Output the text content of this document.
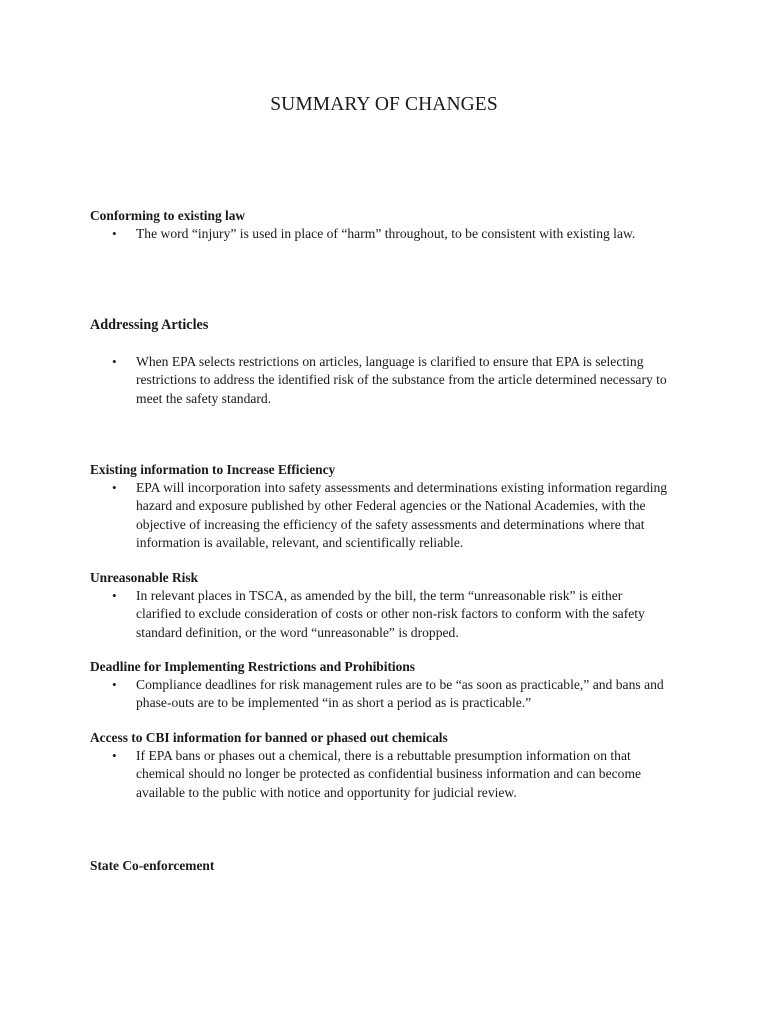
SUMMARY OF CHANGES

Conforming to existing law

• The word “injury” is used in place of “harm” throughout, to be consistent with existing law.

Addressing Articles

• When EPA selects restrictions on articles, language is clarified to ensure that EPA is selecting restrictions to address the identified risk of the substance from the article determined necessary to meet the safety standard.

Existing information to Increase Efficiency

• EPA will incorporation into safety assessments and determinations existing information regarding hazard and exposure published by other Federal agencies or the National Academies, with the objective of increasing the efficiency of the safety assessments and determinations where that information is available, relevant, and scientifically reliable.

Unreasonable Risk

• In relevant places in TSCA, as amended by the bill, the term “unreasonable risk” is either clarified to exclude consideration of costs or other non-risk factors to conform with the safety standard definition, or the word “unreasonable” is dropped.

Deadline for Implementing Restrictions and Prohibitions

• Compliance deadlines for risk management rules are to be “as soon as practicable,” and bans and phase-outs are to be implemented “in as short a period as is practicable.”

Access to CBI information for banned or phased out chemicals

• If EPA bans or phases out a chemical, there is a rebuttable presumption information on that chemical should no longer be protected as confidential business information and can become available to the public with notice and opportunity for judicial review.

State Co-enforcement
